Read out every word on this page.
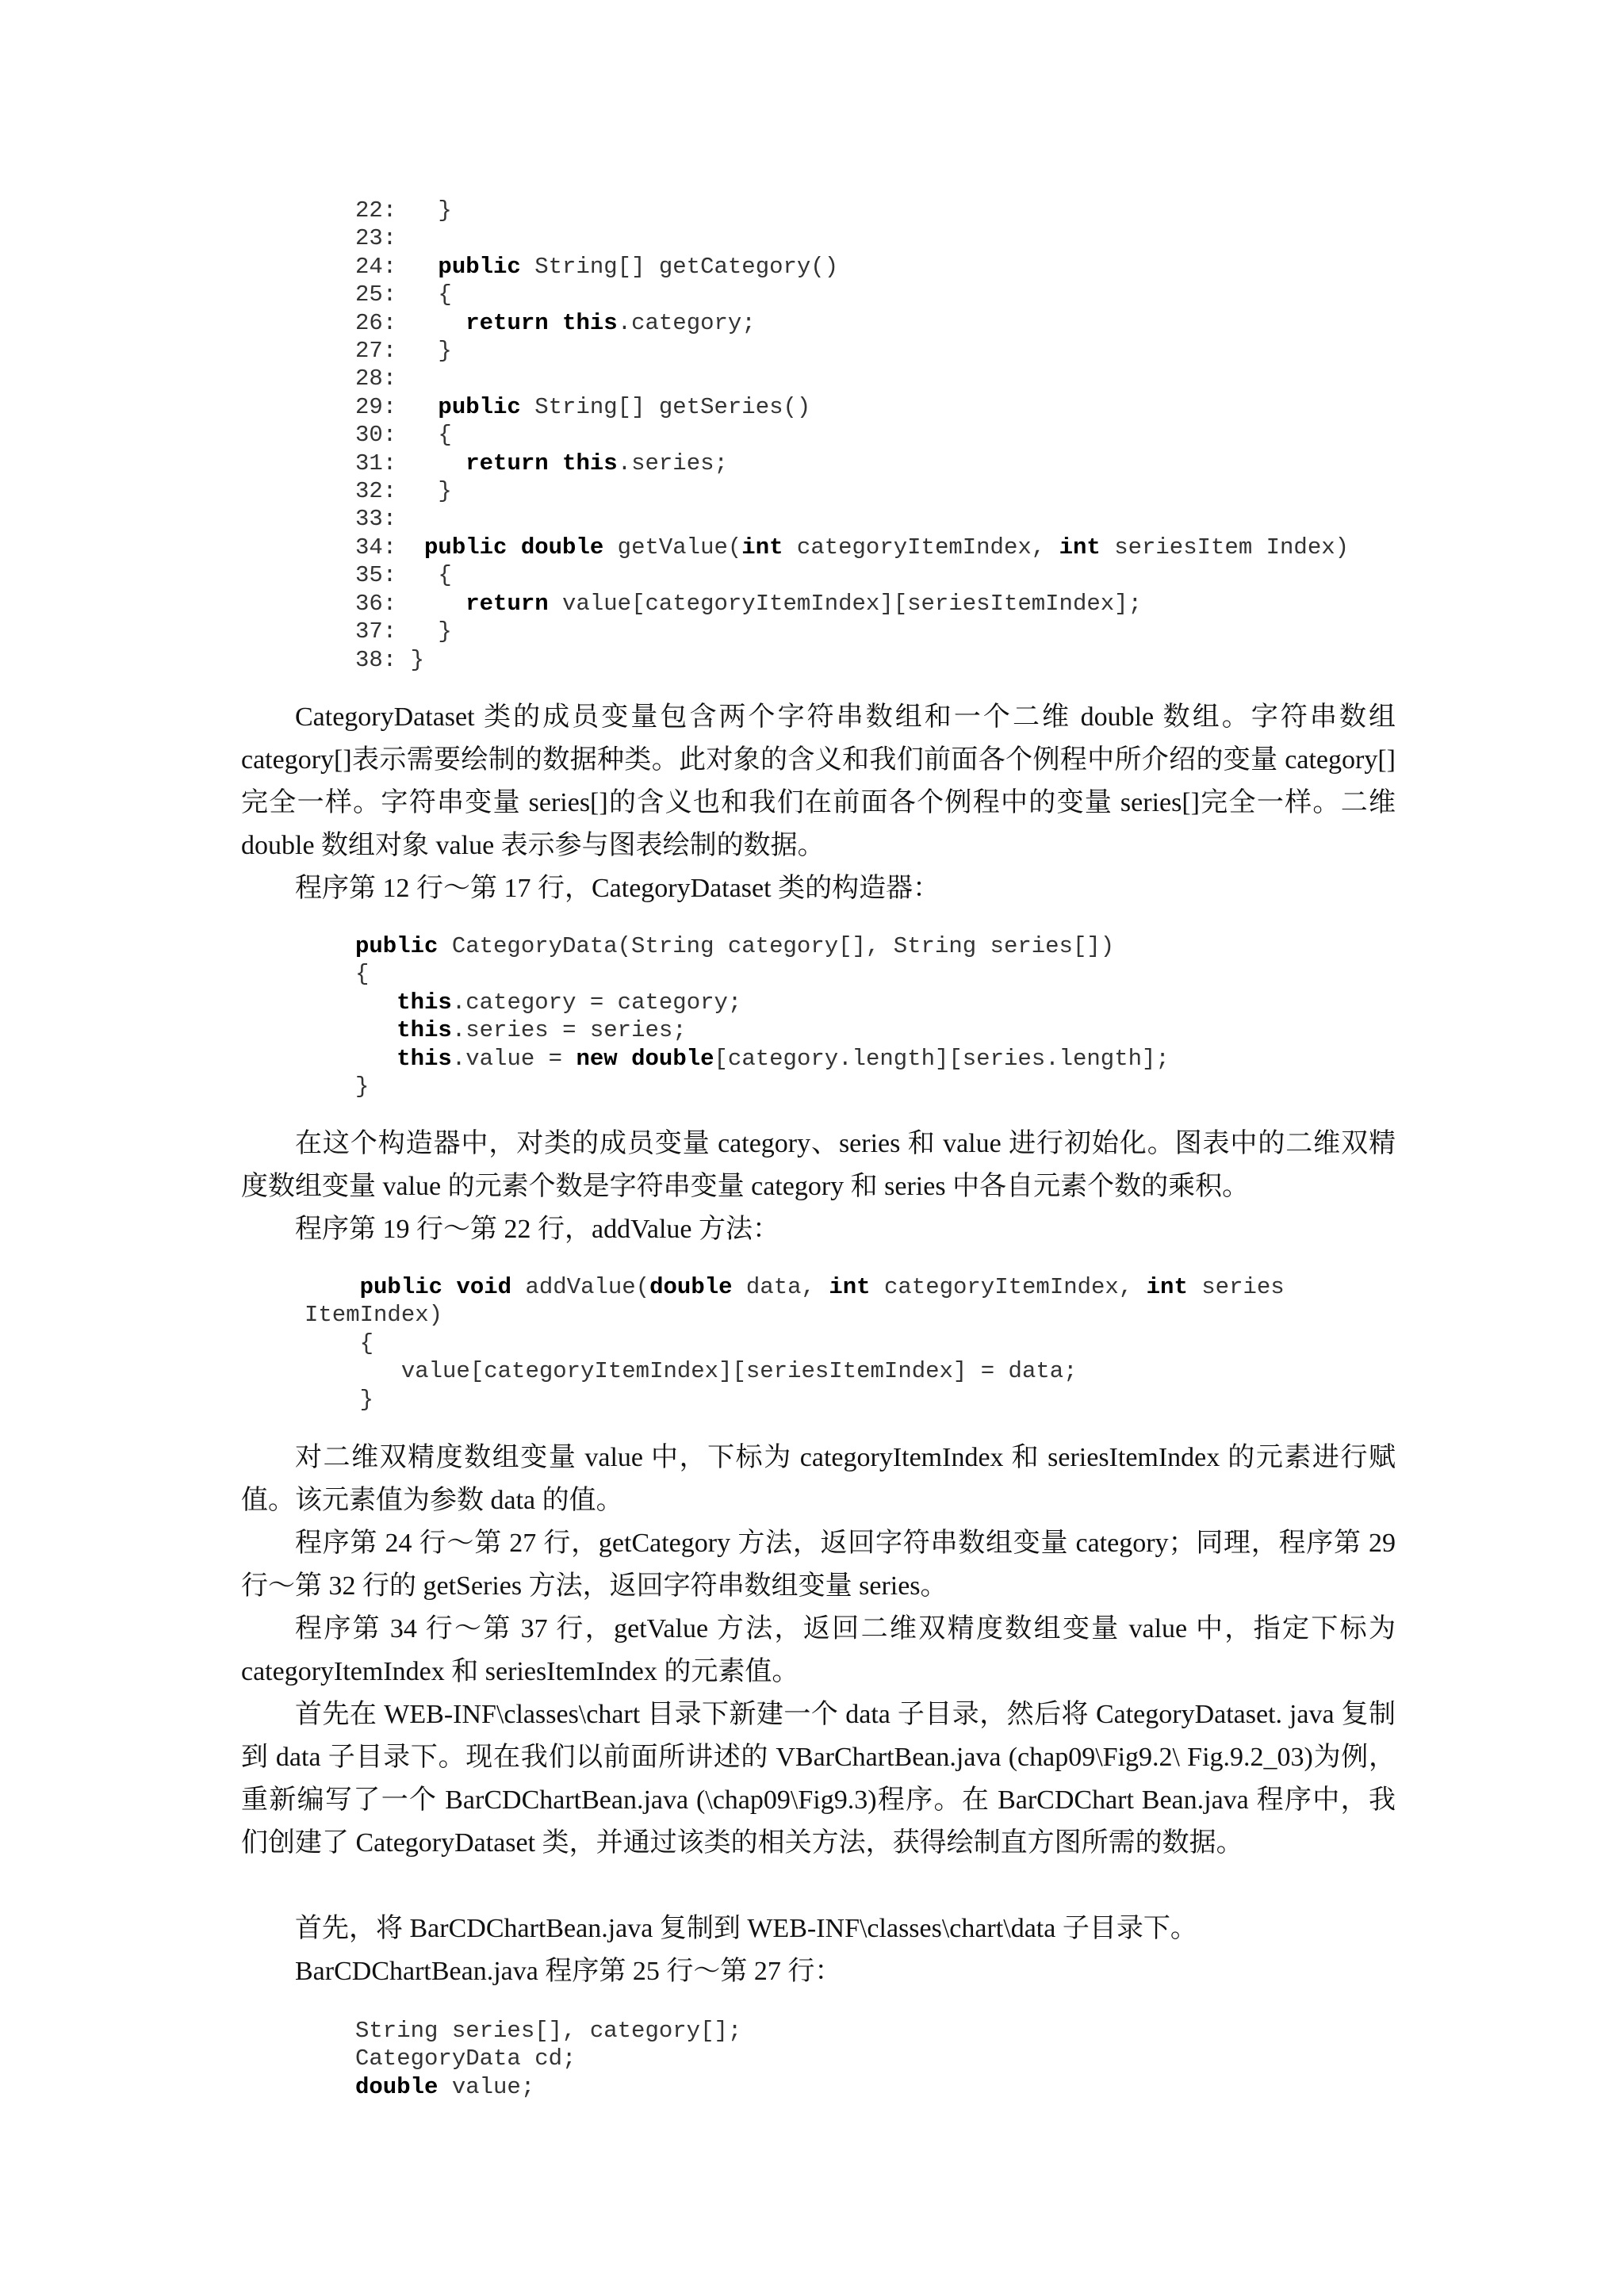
22:   }
23:
24:   public String[] getCategory()
25:   {
26:     return this.category;
27:   }
28:
29:   public String[] getSeries()
30:   {
31:     return this.series;
32:   }
33:
34:  public double getValue(int categoryItemIndex, int seriesItem Index)
35:   {
36:     return value[categoryItemIndex][seriesItemIndex];
37:   }
38: }

CategoryDataset 类的成员变量包含两个字符串数组和一个二维 double 数组。字符串数组 category[]表示需要绘制的数据种类。此对象的含义和我们前面各个例程中所介绍的变量 category[]完全一样。字符串变量 series[]的含义也和我们在前面各个例程中的变量 series[]完全一样。二维 double 数组对象 value 表示参与图表绘制的数据。

程序第 12 行～第 17 行，CategoryDataset 类的构造器：

public CategoryData(String category[], String series[])
{
this.category = category;
this.series = series;
this.value = new double[category.length][series.length];
}

在这个构造器中，对类的成员变量 category、series 和 value 进行初始化。图表中的二维双精度数组变量 value 的元素个数是字符串变量 category 和 series 中各自元素个数的乘积。

程序第 19 行～第 22 行，addValue 方法：

public void addValue(double data, int categoryItemIndex, int series
ItemIndex)
{
value[categoryItemIndex][seriesItemIndex] = data;
}

对二维双精度数组变量 value 中，下标为 categoryItemIndex 和 seriesItemIndex 的元素进行赋值。该元素值为参数 data 的值。

程序第 24 行～第 27 行，getCategory 方法，返回字符串数组变量 category；同理，程序第 29 行～第 32 行的 getSeries 方法，返回字符串数组变量 series。

程序第 34 行～第 37 行，getValue 方法，返回二维双精度数组变量 value 中，指定下标为 categoryItemIndex 和 seriesItemIndex 的元素值。

首先在 WEB-INF\classes\chart 目录下新建一个 data 子目录，然后将 CategoryDataset. java 复制到 data 子目录下。现在我们以前面所讲述的 VBarChartBean.java (chap09\Fig9.2\ Fig.9.2_03)为例，重新编写了一个 BarCDChartBean.java (\chap09\Fig9.3)程序。在 BarCDChart Bean.java 程序中，我们创建了 CategoryDataset 类，并通过该类的相关方法，获得绘制直方图所需的数据。

首先，将 BarCDChartBean.java 复制到 WEB-INF\classes\chart\data 子目录下。

BarCDChartBean.java 程序第 25 行～第 27 行：

String series[], category[];
CategoryData cd;
double value;
